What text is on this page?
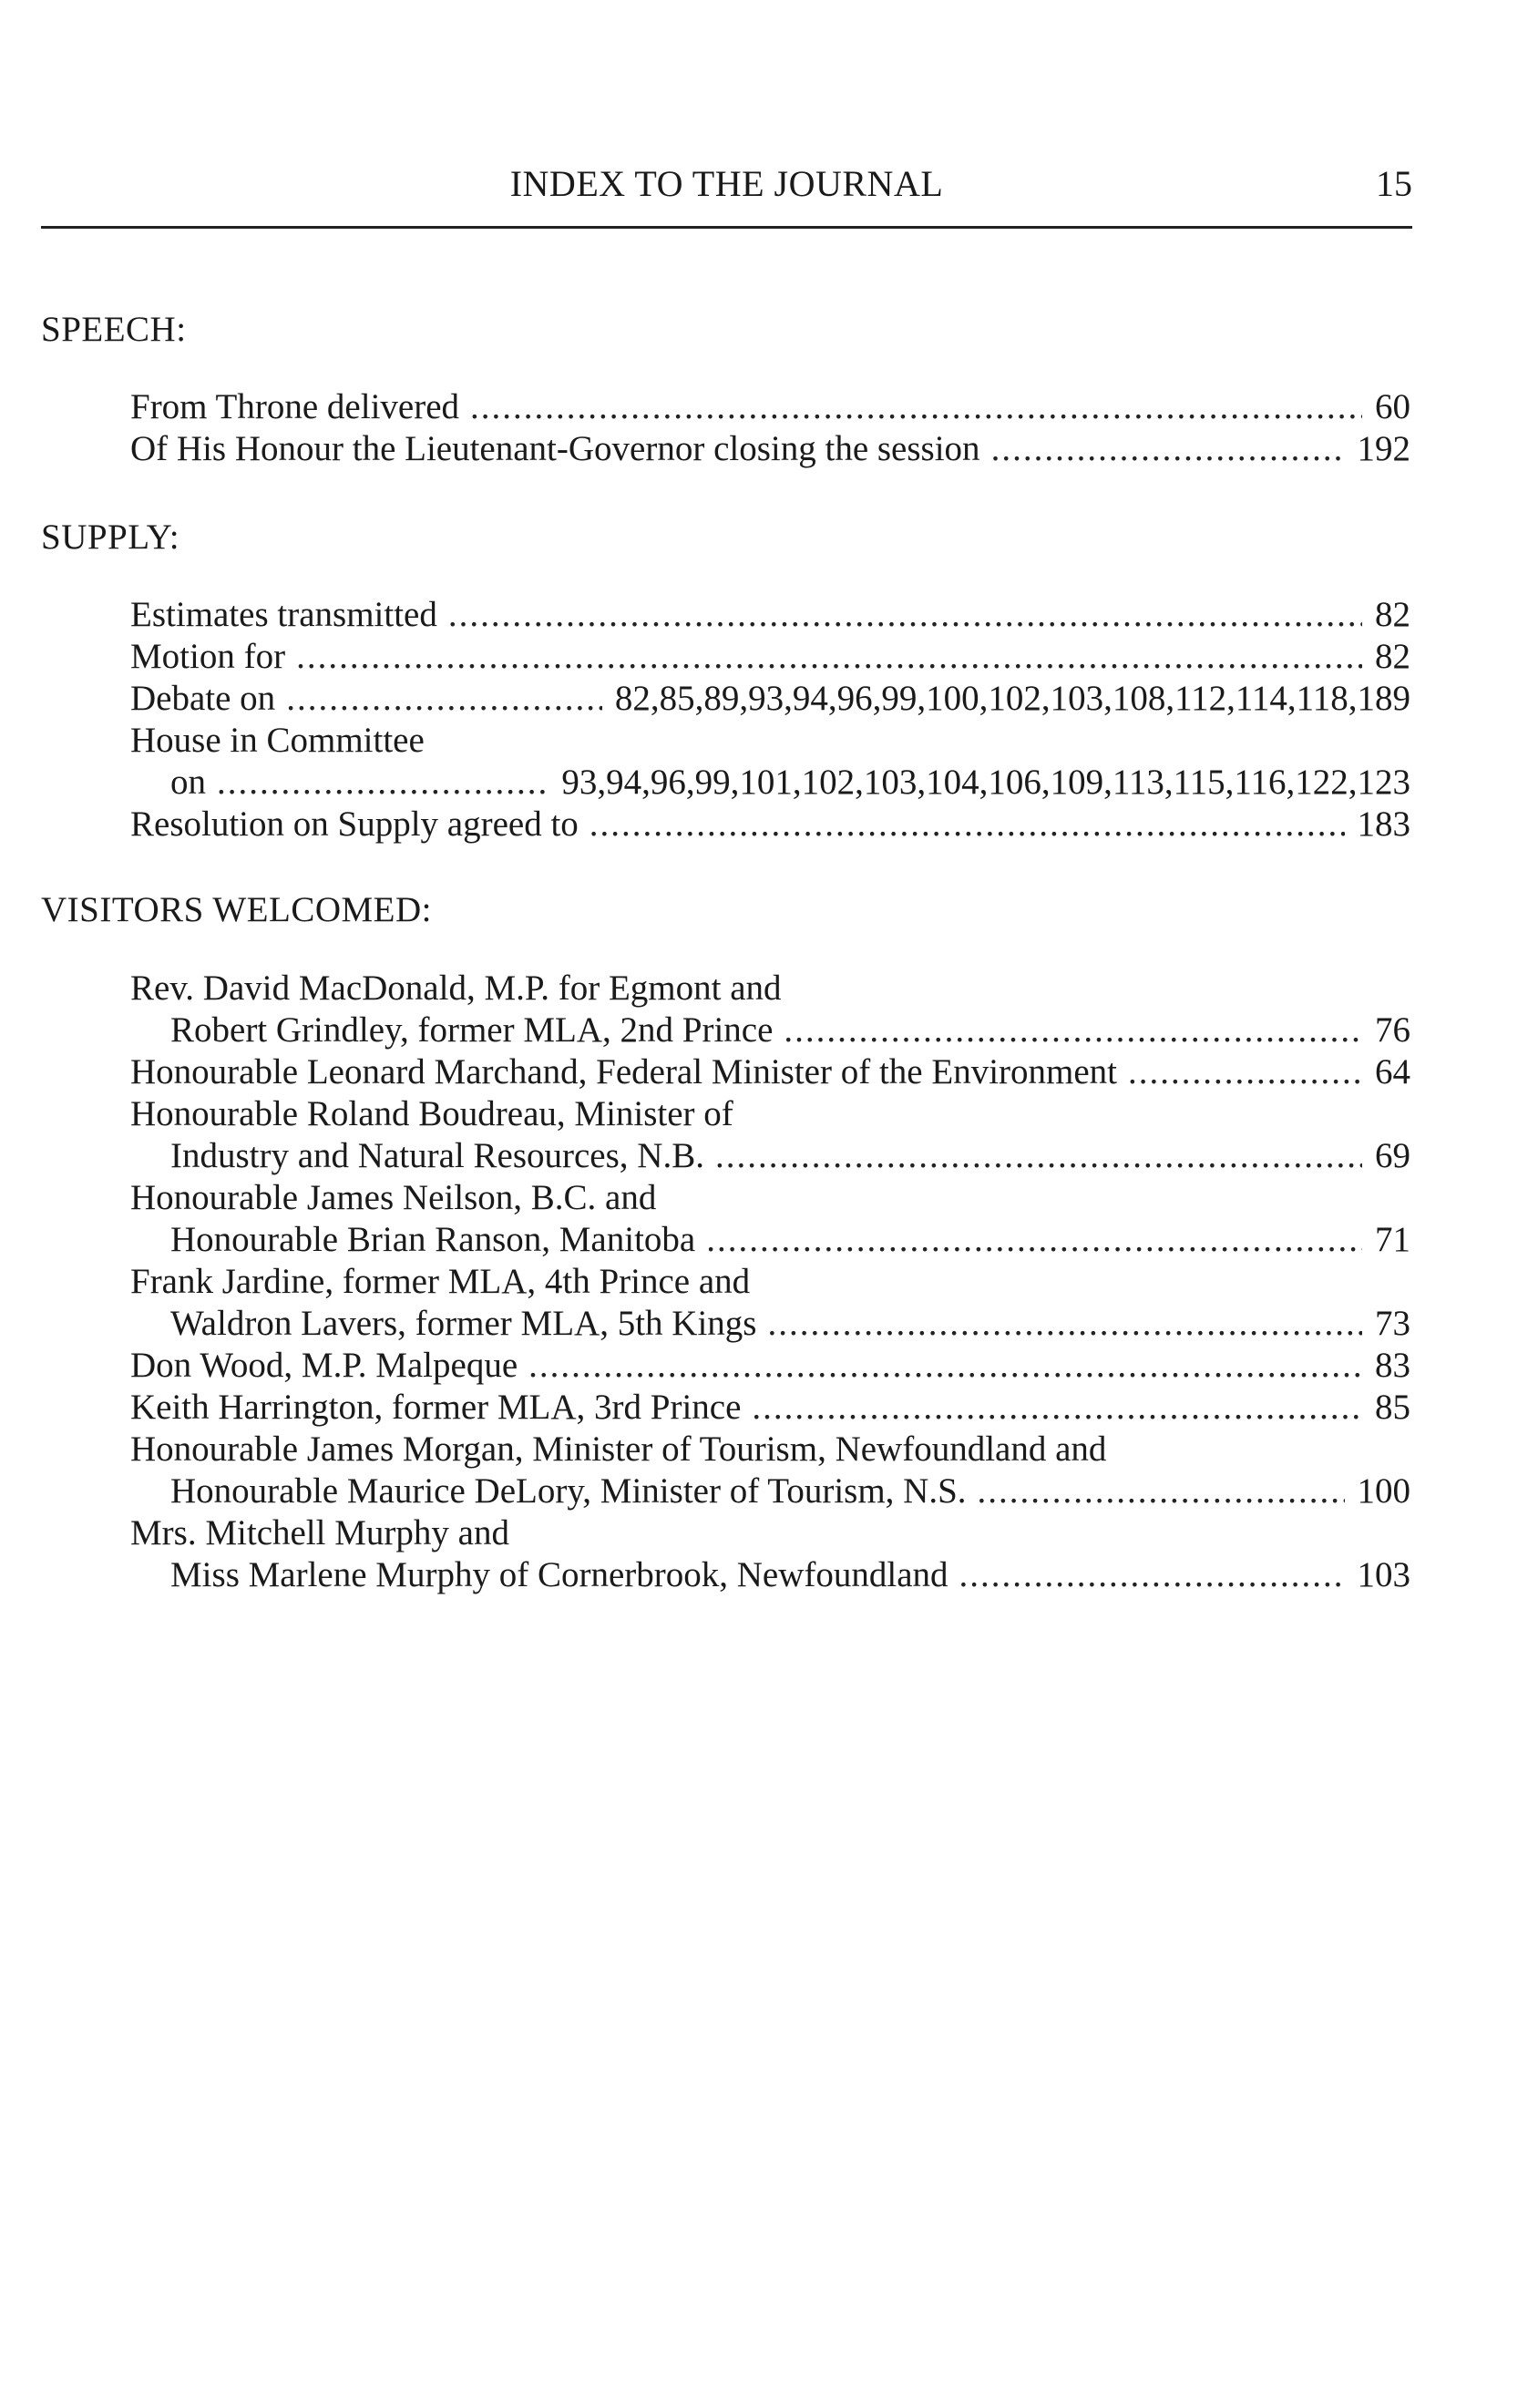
INDEX TO THE JOURNAL	15
SPEECH:
From Throne delivered .....	60
Of His Honour the Lieutenant-Governor closing the session .....	192
SUPPLY:
Estimates transmitted .....	82
Motion for .....	82
Debate on .....	82,85,89,93,94,96,99,100,102,103,108,112,114,118,189
House in Committee
on .....	93,94,96,99,101,102,103,104,106,109,113,115,116,122,123
Resolution on Supply agreed to .....	183
VISITORS WELCOMED:
Rev. David MacDonald, M.P. for Egmont and
Robert Grindley, former MLA, 2nd Prince .....	76
Honourable Leonard Marchand, Federal Minister of the Environment .....	64
Honourable Roland Boudreau, Minister of
Industry and Natural Resources, N.B. .....	69
Honourable James Neilson, B.C. and
Honourable Brian Ranson, Manitoba .....	71
Frank Jardine, former MLA, 4th Prince and
Waldron Lavers, former MLA, 5th Kings .....	73
Don Wood, M.P. Malpeque .....	83
Keith Harrington, former MLA, 3rd Prince .....	85
Honourable James Morgan, Minister of Tourism, Newfoundland and
Honourable Maurice DeLory, Minister of Tourism, N.S. .....	100
Mrs. Mitchell Murphy and
Miss Marlene Murphy of Cornerbrook, Newfoundland .....	103
